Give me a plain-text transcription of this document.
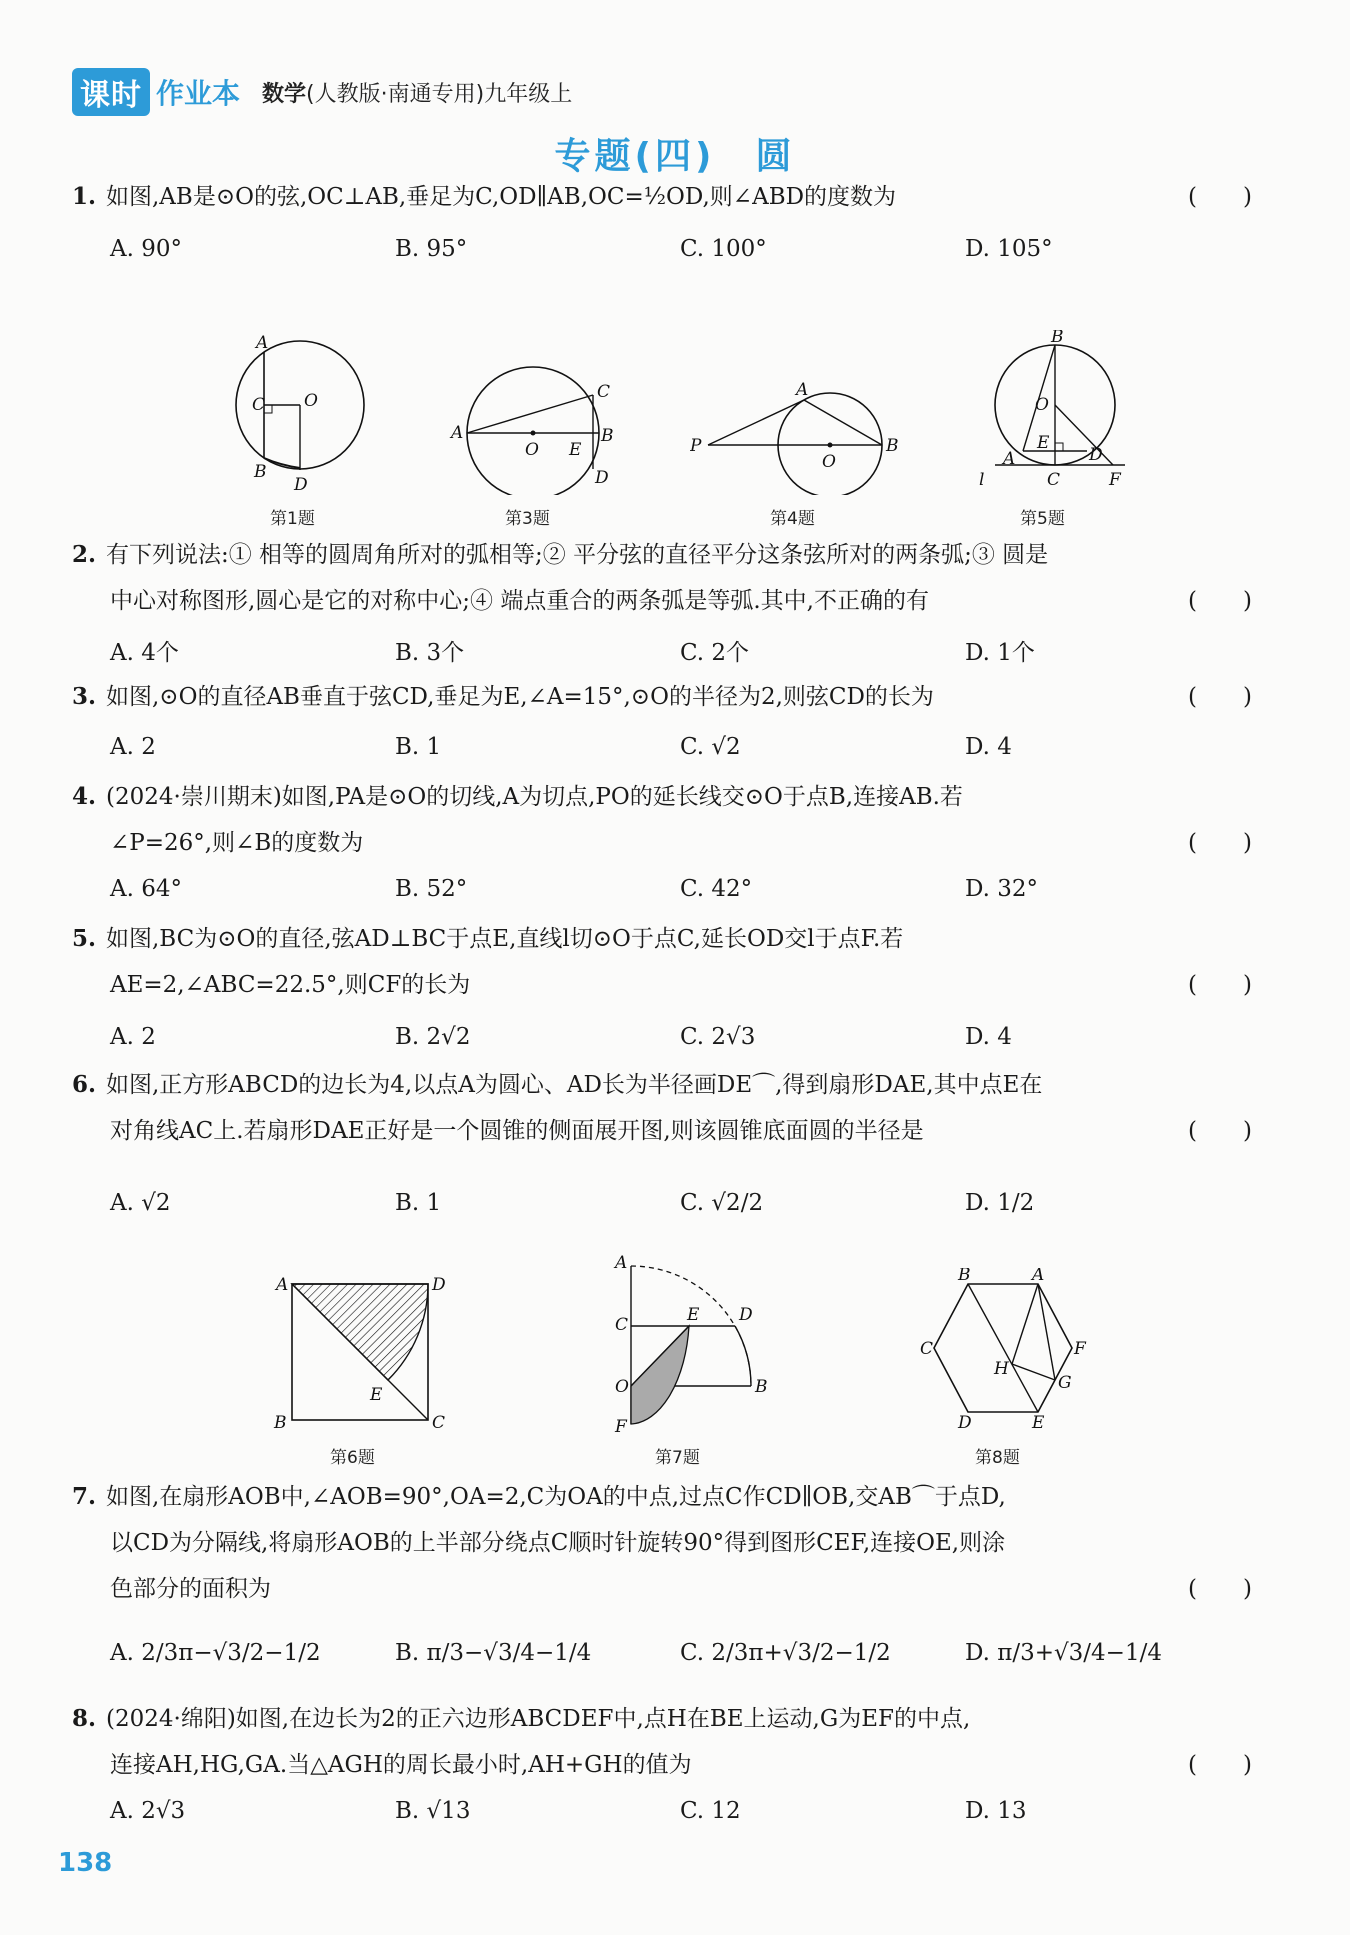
课时 作业本 数学(人教版·南通专用)九年级上
专题(四)　圆
1. 如图,AB是⊙O的弦,OC⊥AB,垂足为C,OD∥AB,OC=½OD,则∠ABD的度数为	(　　)
A. 90°	B. 95°	C. 100°	D. 105°
A
C O
B
D
第1题
A
O E
C
B
D
第3题
P
A
O
B
第4题
B
O
E
A	D
l	C	F
第5题
2. 有下列说法:① 相等的圆周角所对的弧相等;② 平分弦的直径平分这条弦所对的两条弧;③ 圆是
中心对称图形,圆心是它的对称中心;④ 端点重合的两条弧是等弧.其中,不正确的有	(　　)
A. 4个	B. 3个	C. 2个	D. 1个
3. 如图,⊙O的直径AB垂直于弦CD,垂足为E,∠A=15°,⊙O的半径为2,则弦CD的长为	(　　)
A. 2	B. 1	C. √2	D. 4
4. (2024·崇川期末)如图,PA是⊙O的切线,A为切点,PO的延长线交⊙O于点B,连接AB.若
∠P=26°,则∠B的度数为	(　　)
A. 64°	B. 52°	C. 42°	D. 32°
5. 如图,BC为⊙O的直径,弦AD⊥BC于点E,直线l切⊙O于点C,延长OD交l于点F.若
AE=2,∠ABC=22.5°,则CF的长为	(　　)
A. 2	B. 2√2	C. 2√3	D. 4
6. 如图,正方形ABCD的边长为4,以点A为圆心、AD长为半径画DE⌒,得到扇形DAE,其中点E在
对角线AC上.若扇形DAE正好是一个圆锥的侧面展开图,则该圆锥底面圆的半径是	(　　)
A. √2	B. 1	C. √2/2	D. 1/2
A	D
E
B	C
第6题
A
C	E D
O	B
F
第7题
B	A
C	F
H
G
D	E
第8题
7. 如图,在扇形AOB中,∠AOB=90°,OA=2,C为OA的中点,过点C作CD∥OB,交AB⌒于点D,
以CD为分隔线,将扇形AOB的上半部分绕点C顺时针旋转90°得到图形CEF,连接OE,则涂
色部分的面积为	(　　)
A. 2/3π−√3/2−1/2	B. π/3−√3/4−1/4	C. 2/3π+√3/2−1/2	D. π/3+√3/4−1/4
8. (2024·绵阳)如图,在边长为2的正六边形ABCDEF中,点H在BE上运动,G为EF的中点,
连接AH,HG,GA.当△AGH的周长最小时,AH+GH的值为	(　　)
A. 2√3	B. √13	C. 12	D. 13
138
